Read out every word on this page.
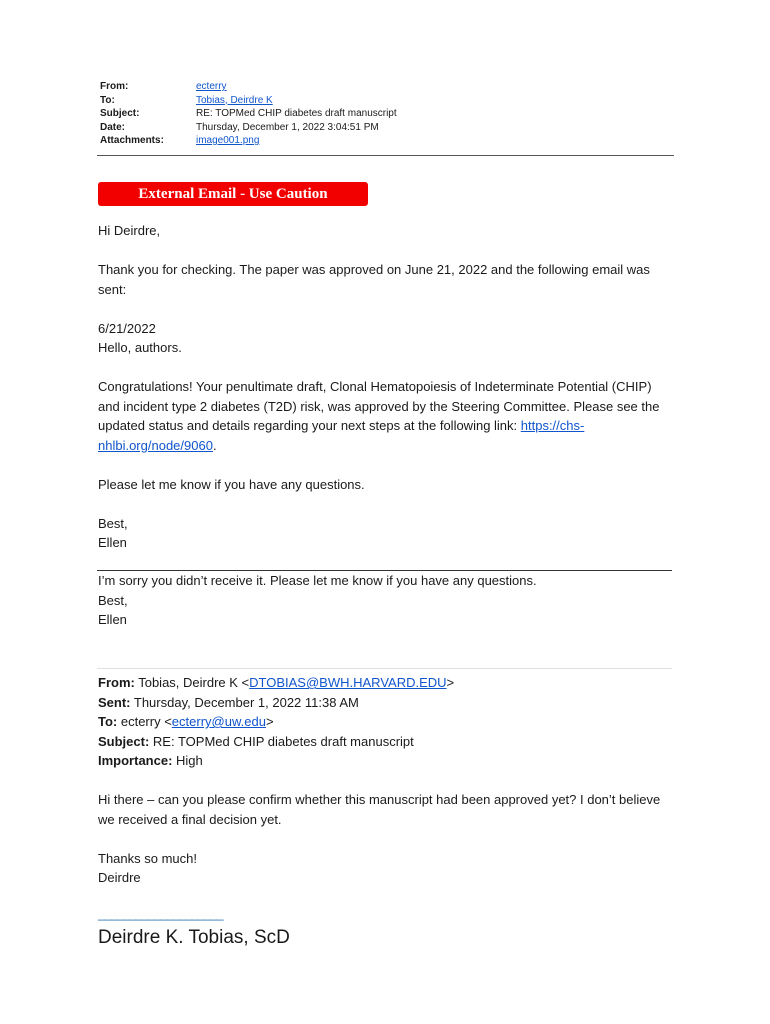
From:	ecterry
To:	Tobias, Deirdre K
Subject:	RE: TOPMed CHIP diabetes draft manuscript
Date:	Thursday, December 1, 2022 3:04:51 PM
Attachments:	image001.png
External Email - Use Caution

Hi Deirdre,

Thank you for checking. The paper was approved on June 21, 2022 and the following email was sent:

6/21/2022

Hello, authors.

Congratulations! Your penultimate draft, Clonal Hematopoiesis of Indeterminate Potential (CHIP) and incident type 2 diabetes (T2D) risk, was approved by the Steering Committee. Please see the updated status and details regarding your next steps at the following link: https://chs-nhlbi.org/node/9060.

Please let me know if you have any questions.

Best,

Ellen

I’m sorry you didn’t receive it. Please let me know if you have any questions.

Best,

Ellen

From: Tobias, Deirdre K <DTOBIAS@BWH.HARVARD.EDU>

Sent: Thursday, December 1, 2022 11:38 AM

To: ecterry <ecterry@uw.edu>

Subject: RE: TOPMed CHIP diabetes draft manuscript

Importance: High

Hi there – can you please confirm whether this manuscript had been approved yet? I don’t believe we received a final decision yet.

Thanks so much!

Deirdre

____________________
Deirdre K. Tobias, ScD
